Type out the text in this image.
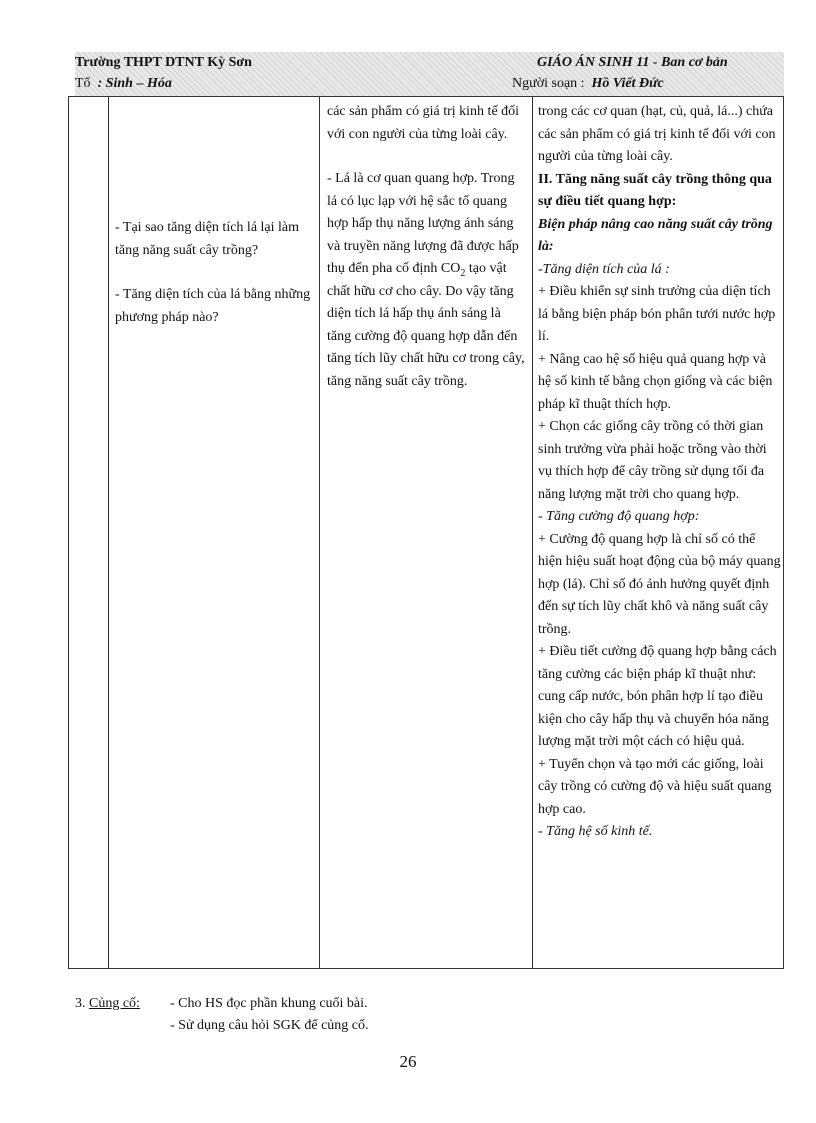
Trường THPT DTNT Kỳ Sơn
Tổ : Sinh – Hóa
GIÁO ÁN SINH 11 - Ban cơ bản
Người soạn : Hồ Viết Đức
- Tại sao tăng diện tích lá lại làm tăng năng suất cây trồng?
- Tăng diện tích của lá bằng những phương pháp nào?
các sản phẩm có giá trị kinh tế đối với con người của từng loài cây.
- Lá là cơ quan quang hợp. Trong lá có lục lạp với hệ sắc tố quang hợp hấp thụ năng lượng ánh sáng và truyền năng lượng đã được hấp thụ đến pha cố định $CO_2$ tạo vật chất hữu cơ cho cây. Do vậy tăng diện tích lá hấp thụ ánh sáng là tăng cường độ quang hợp dẫn đến tăng tích lũy chất hữu cơ trong cây, tăng năng suất cây trồng.
trong các cơ quan (hạt, củ, quả, lá...) chứa các sản phẩm có giá trị kinh tế đối với con người của từng loài cây.
II. Tăng năng suất cây trồng thông qua sự điều tiết quang hợp:
Biện pháp nâng cao năng suất cây trồng là:
-Tăng diện tích của lá :
+ Điều khiển sự sinh trưởng của diện tích lá bằng biện pháp bón phân tưới nước hợp lí.
+ Nâng cao hệ số hiệu quả quang hợp và hệ số kinh tế bằng chọn giống và các biện pháp kĩ thuật thích hợp.
+ Chọn các giống cây trồng có thời gian sinh trưởng vừa phải hoặc trồng vào thời vụ thích hợp để cây trồng sử dụng tối đa năng lượng mặt trời cho quang hợp.
- Tăng cường độ quang hợp:
+ Cường độ quang hợp là chỉ số có thể hiện hiệu suất hoạt động của bộ máy quang hợp (lá). Chỉ số đó ảnh hưởng quyết định đến sự tích lũy chất khô và năng suất cây trồng.
+ Điều tiết cường độ quang hợp bằng cách tăng cường các biện pháp kĩ thuật như: cung cấp nước, bón phân hợp lí tạo điều kiện cho cây hấp thụ và chuyển hóa năng lượng mặt trời một cách có hiệu quả.
+ Tuyển chọn và tạo mới các giống, loài cây trồng có cường độ và hiệu suất quang hợp cao.
- Tăng hệ số kinh tế.
3. Củng cố: - Cho HS đọc phần khung cuối bài.
- Sử dụng câu hỏi SGK để củng cố.
26
